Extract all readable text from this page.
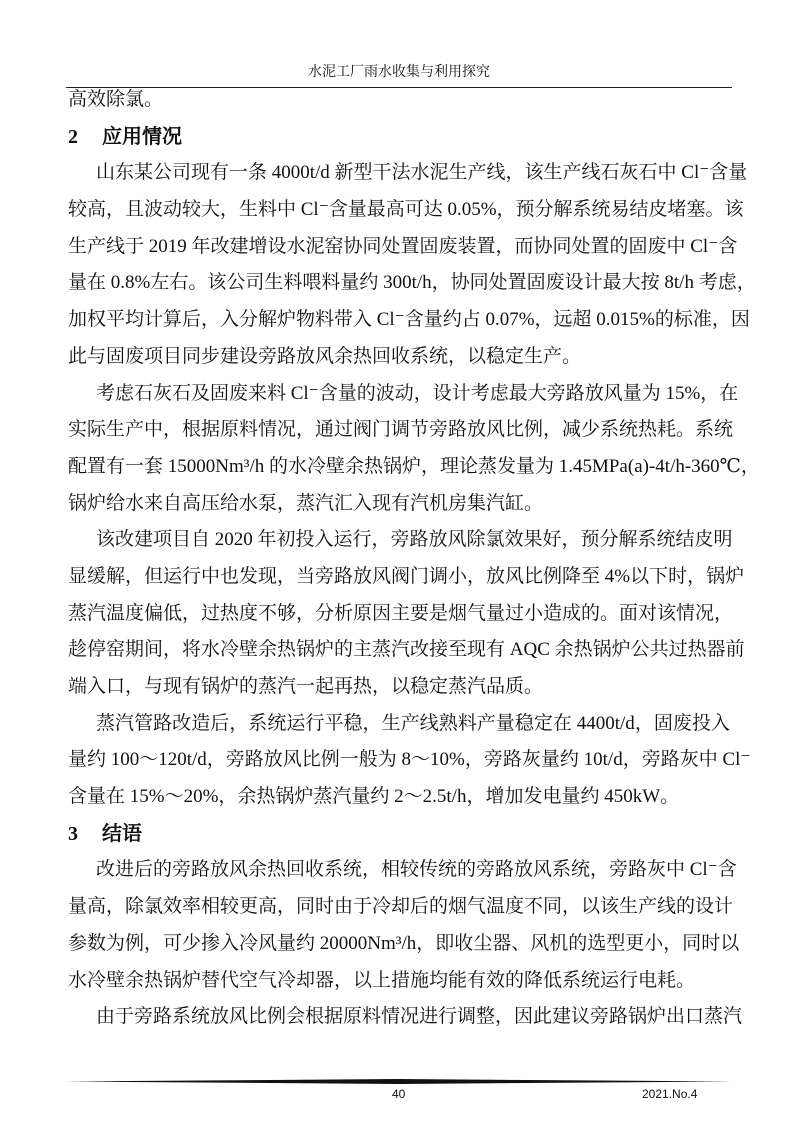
水泥工厂雨水收集与利用探究
高效除氯。
2 应用情况
山东某公司现有一条 4000t/d 新型干法水泥生产线，该生产线石灰石中 Cl⁻含量
较高，且波动较大，生料中 Cl⁻含量最高可达 0.05%，预分解系统易结皮堵塞。该
生产线于 2019 年改建增设水泥窑协同处置固废装置，而协同处置的固废中 Cl⁻含
量在 0.8%左右。该公司生料喂料量约 300t/h，协同处置固废设计最大按 8t/h 考虑，
加权平均计算后，入分解炉物料带入 Cl⁻含量约占 0.07%，远超 0.015%的标准，因
此与固废项目同步建设旁路放风余热回收系统，以稳定生产。
考虑石灰石及固废来料 Cl⁻含量的波动，设计考虑最大旁路放风量为 15%，在
实际生产中，根据原料情况，通过阀门调节旁路放风比例，减少系统热耗。系统
配置有一套 15000Nm³/h 的水冷壁余热锅炉，理论蒸发量为 1.45MPa(a)-4t/h-360℃，
锅炉给水来自高压给水泵，蒸汽汇入现有汽机房集汽缸。
该改建项目自 2020 年初投入运行，旁路放风除氯效果好，预分解系统结皮明
显缓解，但运行中也发现，当旁路放风阀门调小，放风比例降至 4%以下时，锅炉
蒸汽温度偏低，过热度不够，分析原因主要是烟气量过小造成的。面对该情况，
趁停窑期间，将水冷壁余热锅炉的主蒸汽改接至现有 AQC 余热锅炉公共过热器前
端入口，与现有锅炉的蒸汽一起再热，以稳定蒸汽品质。
蒸汽管路改造后，系统运行平稳，生产线熟料产量稳定在 4400t/d，固废投入
量约 100～120t/d，旁路放风比例一般为 8～10%，旁路灰量约 10t/d，旁路灰中 Cl⁻
含量在 15%～20%，余热锅炉蒸汽量约 2～2.5t/h，增加发电量约 450kW。
3 结语
改进后的旁路放风余热回收系统，相较传统的旁路放风系统，旁路灰中 Cl⁻含
量高，除氯效率相较更高，同时由于冷却后的烟气温度不同，以该生产线的设计
参数为例，可少掺入冷风量约 20000Nm³/h，即收尘器、风机的选型更小，同时以
水冷壁余热锅炉替代空气冷却器，以上措施均能有效的降低系统运行电耗。
由于旁路系统放风比例会根据原料情况进行调整，因此建议旁路锅炉出口蒸汽
40	2021.No.4
